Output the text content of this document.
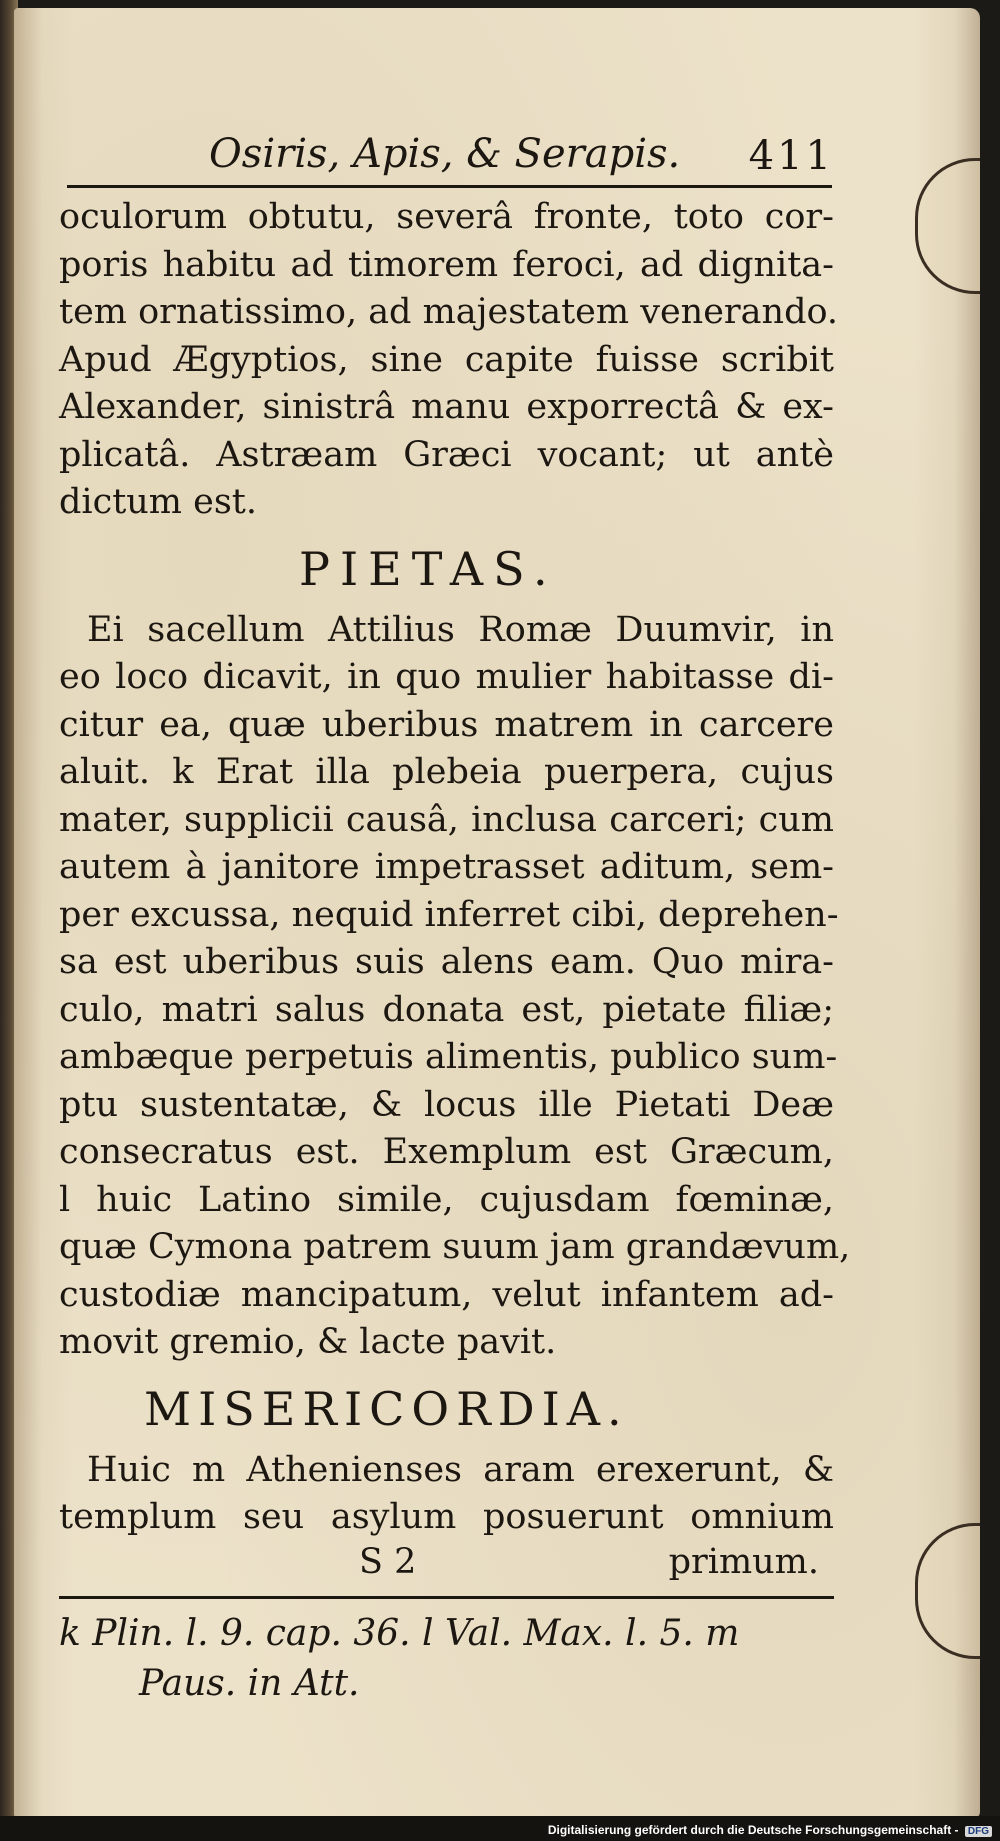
Osiris, Apis, & Serapis. 411
oculorum obtutu, severâ fronte, toto cor-
poris habitu ad timorem feroci, ad dignita-
tem ornatissimo, ad majestatem venerando.
Apud Ægyptios, sine capite fuisse scribit
Alexander, sinistrâ manu exporrectâ & ex-
plicatâ. Astræam Græci vocant; ut antè
dictum est.
PIETAS.
Ei sacellum Attilius Romæ Duumvir, in
eo loco dicavit, in quo mulier habitasse di-
citur ea, quæ uberibus matrem in carcere
aluit. k Erat illa plebeia puerpera, cujus
mater, supplicii causâ, inclusa carceri; cum
autem à janitore impetrasset aditum, sem-
per excussa, nequid inferret cibi, deprehen-
sa est uberibus suis alens eam. Quo mira-
culo, matri salus donata est, pietate filiæ;
ambæque perpetuis alimentis, publico sum-
ptu sustentatæ, & locus ille Pietati Deæ
consecratus est. Exemplum est Græcum,
l huic Latino simile, cujusdam fœminæ,
quæ Cymona patrem suum jam grandævum,
custodiæ mancipatum, velut infantem ad-
movit gremio, & lacte pavit.
MISERICORDIA.
Huic m Athenienses aram erexerunt, &
templum seu asylum posuerunt omnium
S 2	primum.
k Plin. l. 9. cap. 36. l Val. Max. l. 5. m
Paus. in Att.
Digitalisierung gefördert durch die Deutsche Forschungsgemeinschaft - DFG
